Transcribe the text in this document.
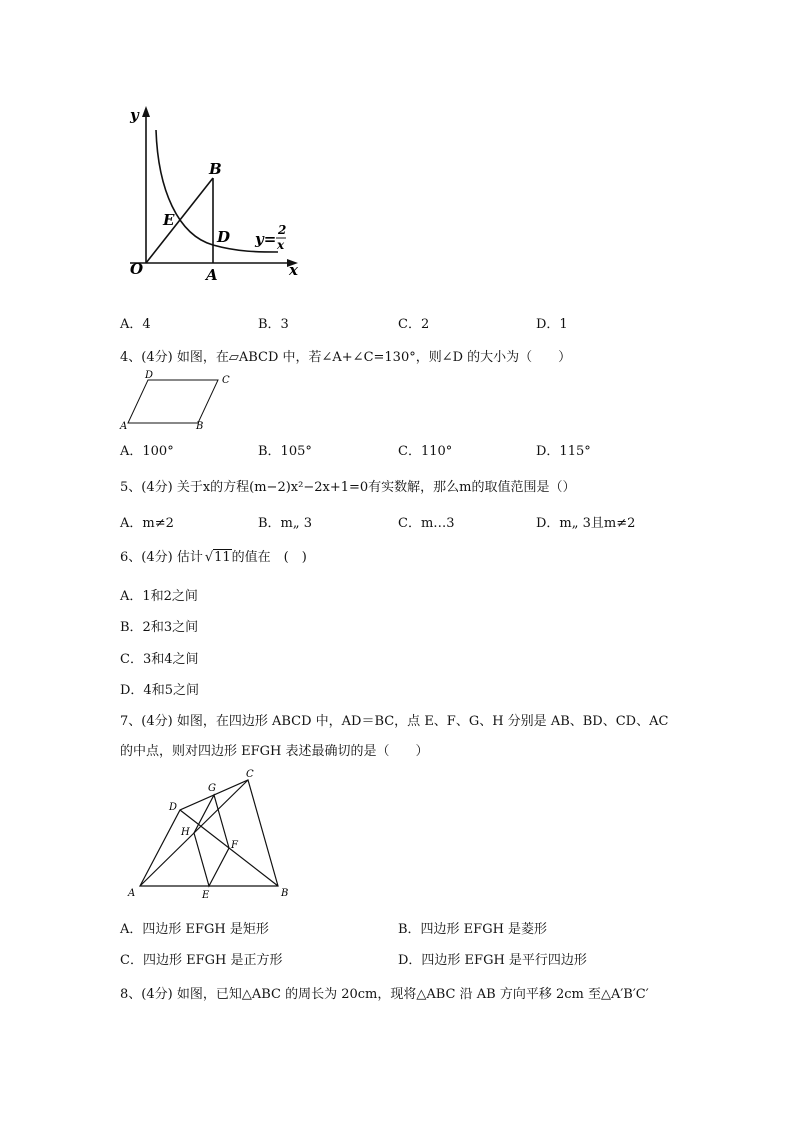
y
x
O
B
E
D
A
y= 2
x
A．4	B．3	C．2	D．1
4、(4分) 如图，在▱ABCD 中，若∠A+∠C=130°，则∠D 的大小为（　　）
D	C
A	B
A．100°	B．105°	C．110°	D．115°
5、(4分) 关于x的方程(m−2)x²−2x+1=0有实数解，那么m的取值范围是（）
A．m≠2	B．m„ 3	C．m…3	D．m„ 3且m≠2
6、(4分) 估计 √11的值在　(　)
A．1和2之间
B．2和3之间
C．3和4之间
D．4和5之间
7、(4分) 如图，在四边形 ABCD 中，AD＝BC，点 E、F、G、H 分别是 AB、BD、CD、AC
的中点，则对四边形 EFGH 表述最确切的是（　　）
A	B
C
D
E
F
G
H
A．四边形 EFGH 是矩形	B．四边形 EFGH 是菱形
C．四边形 EFGH 是正方形	D．四边形 EFGH 是平行四边形
8、(4分) 如图，已知△ABC 的周长为 20cm，现将△ABC 沿 AB 方向平移 2cm 至△A′B′C′
